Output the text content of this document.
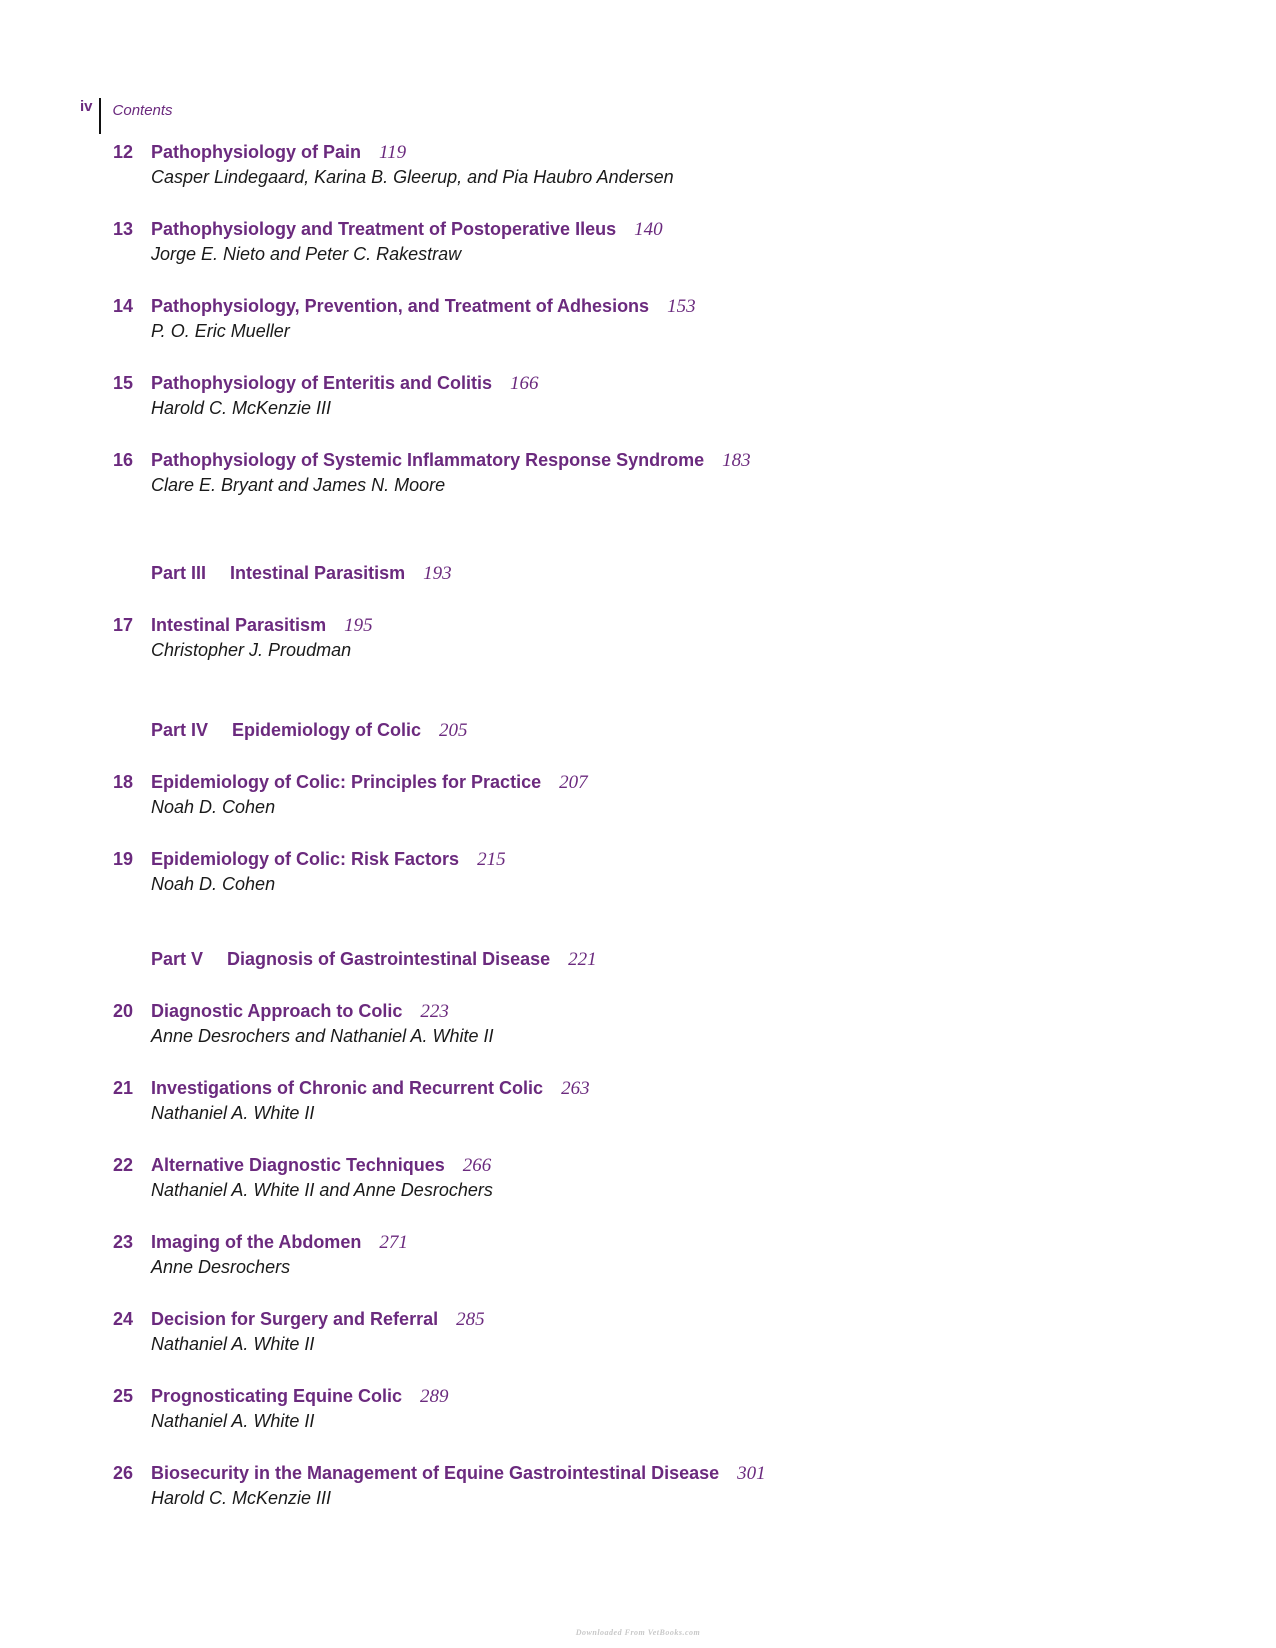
iv	Contents
12 Pathophysiology of Pain 119
Casper Lindegaard, Karina B. Gleerup, and Pia Haubro Andersen
13 Pathophysiology and Treatment of Postoperative Ileus 140
Jorge E. Nieto and Peter C. Rakestraw
14 Pathophysiology, Prevention, and Treatment of Adhesions 153
P. O. Eric Mueller
15 Pathophysiology of Enteritis and Colitis 166
Harold C. McKenzie III
16 Pathophysiology of Systemic Inflammatory Response Syndrome 183
Clare E. Bryant and James N. Moore
Part III Intestinal Parasitism 193
17 Intestinal Parasitism 195
Christopher J. Proudman
Part IV Epidemiology of Colic 205
18 Epidemiology of Colic: Principles for Practice 207
Noah D. Cohen
19 Epidemiology of Colic: Risk Factors 215
Noah D. Cohen
Part V Diagnosis of Gastrointestinal Disease 221
20 Diagnostic Approach to Colic 223
Anne Desrochers and Nathaniel A. White II
21 Investigations of Chronic and Recurrent Colic 263
Nathaniel A. White II
22 Alternative Diagnostic Techniques 266
Nathaniel A. White II and Anne Desrochers
23 Imaging of the Abdomen 271
Anne Desrochers
24 Decision for Surgery and Referral 285
Nathaniel A. White II
25 Prognosticating Equine Colic 289
Nathaniel A. White II
26 Biosecurity in the Management of Equine Gastrointestinal Disease 301
Harold C. McKenzie III
Downloaded From VetBooks.com
